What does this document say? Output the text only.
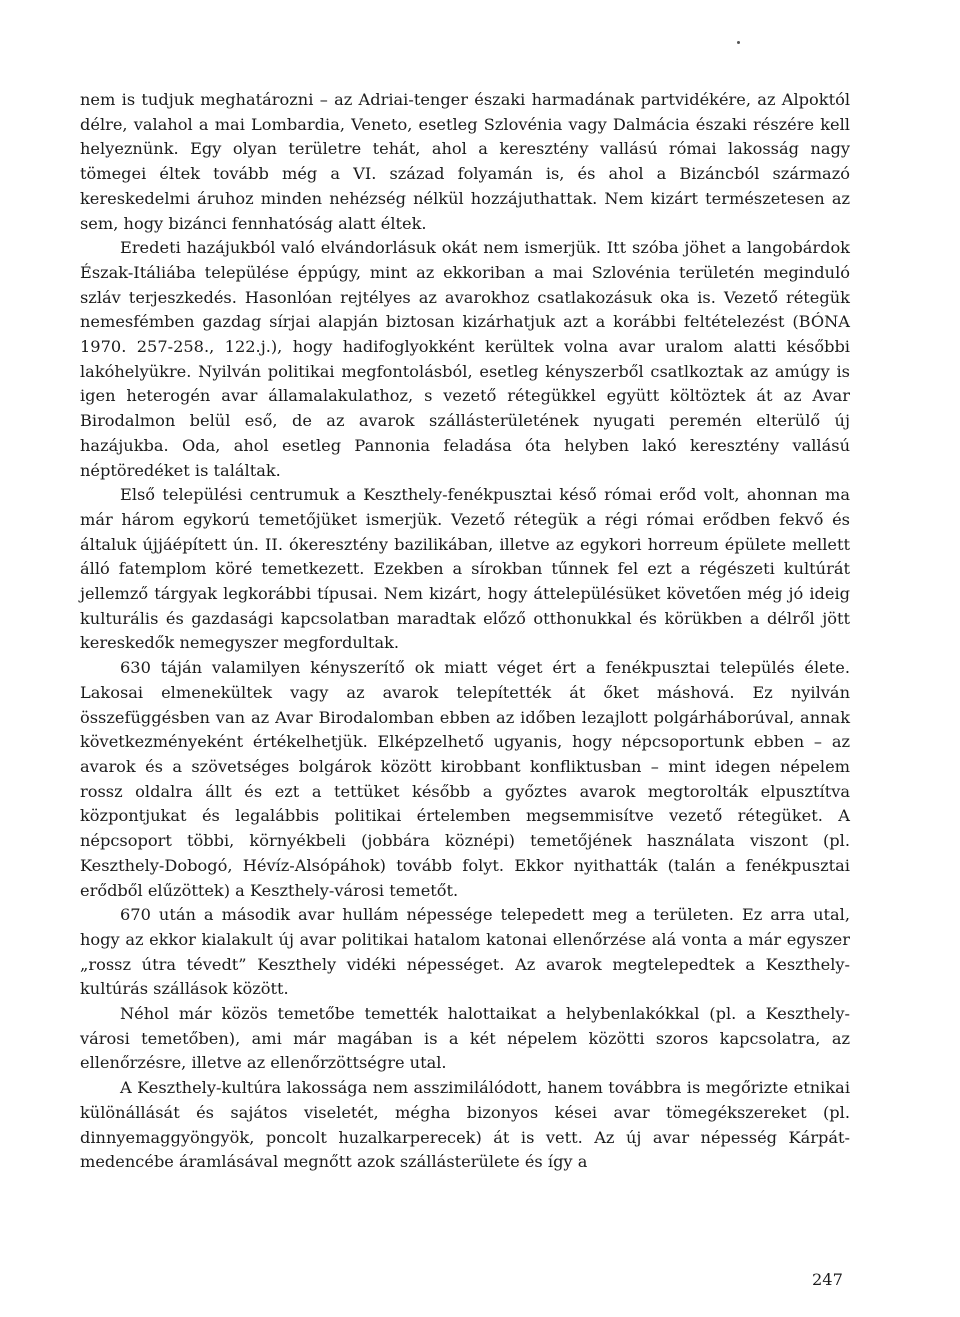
nem is tudjuk meghatározni – az Adriai-tenger északi harmadának partvidékére, az Alpoktól délre, valahol a mai Lombardia, Veneto, esetleg Szlovénia vagy Dalmácia északi részére kell helyeznünk. Egy olyan területre tehát, ahol a keresztény vallású római lakosság nagy tömegei éltek tovább még a VI. század folyamán is, és ahol a Bizáncból származó kereskedelmi áruhoz minden nehézség nélkül hozzájuthattak. Nem kizárt természetesen az sem, hogy bizánci fennhatóság alatt éltek.

Eredeti hazájukból való elvándorlásuk okát nem ismerjük. Itt szóba jöhet a langobárdok Észak-Itáliába települése éppúgy, mint az ekkoriban a mai Szlovénia területén meginduló szláv terjeszkedés. Hasonlóan rejtélyes az avarokhoz csatlakozásuk oka is. Vezető rétegük nemesfémben gazdag sírjai alapján biztosan kizárhatjuk azt a korábbi feltételezést (BÓNA 1970. 257-258., 122.j.), hogy hadifoglyokként kerültek volna avar uralom alatti későbbi lakóhelyükre. Nyilván politikai megfontolásból, esetleg kényszerből csatlkoztak az amúgy is igen heterogén avar államalakulathoz, s vezető rétegükkel együtt költöztek át az Avar Birodalmon belül eső, de az avarok szállásterületének nyugati peremén elterülő új hazájukba. Oda, ahol esetleg Pannonia feladása óta helyben lakó keresztény vallású néptöredéket is találtak.

Első települési centrumuk a Keszthely-fenékpusztai késő római erőd volt, ahonnan ma már három egykorú temetőjüket ismerjük. Vezető rétegük a régi római erődben fekvő és általuk újjáépített ún. II. ókeresztény bazilikában, illetve az egykori horreum épülete mellett álló fatemplom köré temetkezett. Ezekben a sírokban tűnnek fel ezt a régészeti kultúrát jellemző tárgyak legkorábbi típusai. Nem kizárt, hogy áttelepülésüket követően még jó ideig kulturális és gazdasági kapcsolatban maradtak előző otthonukkal és körükben a délről jött kereskedők nemegyszer megfordultak.

630 táján valamilyen kényszerítő ok miatt véget ért a fenékpusztai település élete. Lakosai elmenekültek vagy az avarok telepítették át őket máshová. Ez nyilván összefüggésben van az Avar Birodalomban ebben az időben lezajlott polgárháborúval, annak következményeként értékelhetjük. Elképzelhető ugyanis, hogy népcsoportunk ebben – az avarok és a szövetséges bolgárok között kirobbant konfliktusban – mint idegen népelem rossz oldalra állt és ezt a tettüket később a győztes avarok megtorolták elpusztítva központjukat és legalábbis politikai értelemben megsemmisítve vezető rétegüket. A népcsoport többi, környékbeli (jobbára köznépi) temetőjének használata viszont (pl. Keszthely-Dobogó, Hévíz-Alsópáhok) tovább folyt. Ekkor nyithatták (talán a fenékpusztai erődből elűzöttek) a Keszthely-városi temetőt.

670 után a második avar hullám népessége telepedett meg a területen. Ez arra utal, hogy az ekkor kialakult új avar politikai hatalom katonai ellenőrzése alá vonta a már egyszer „rossz útra tévedt” Keszthely vidéki népességet. Az avarok megtelepedtek a Keszthely-kultúrás szállások között.

Néhol már közös temetőbe temették halottaikat a helybenlakókkal (pl. a Keszthely-városi temetőben), ami már magában is a két népelem közötti szoros kapcsolatra, az ellenőrzésre, illetve az ellenőrzöttségre utal.

A Keszthely-kultúra lakossága nem asszimilálódott, hanem továbbra is megőrizte etnikai különállását és sajátos viseletét, mégha bizonyos kései avar tömegékszereket (pl. dinnyemaggyöngyök, poncolt huzalkarperecek) át is vett. Az új avar népesség Kárpát-medencébe áramlásával megnőtt azok szállásterülete és így a

247
